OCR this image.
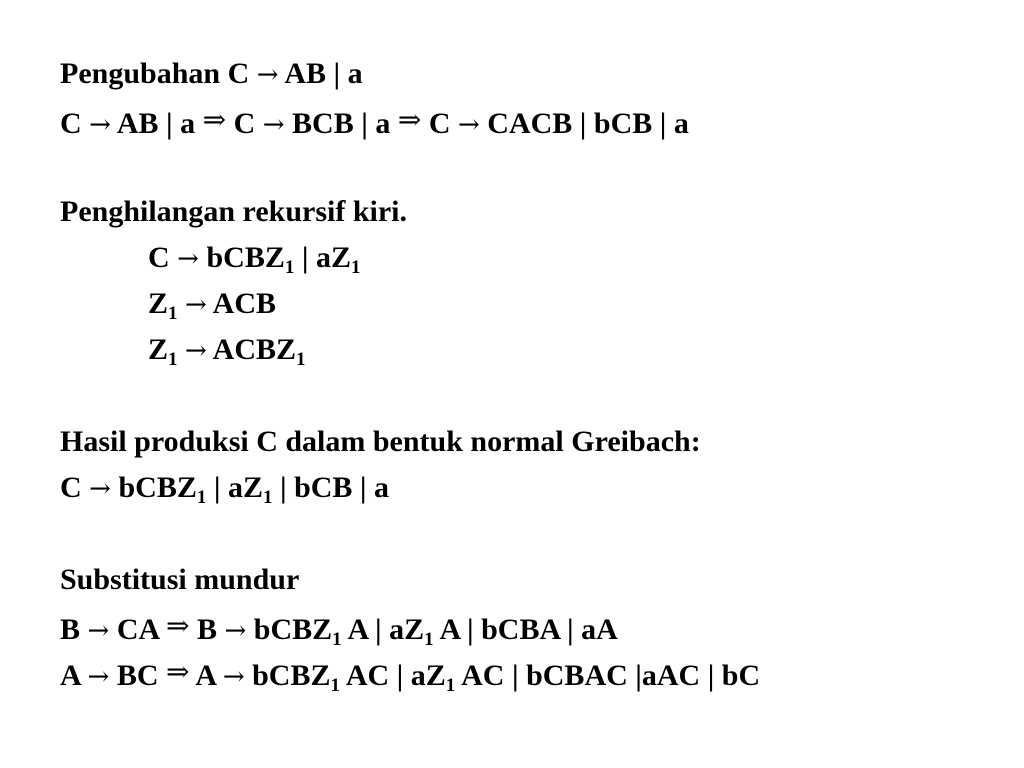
Pengubahan C → AB | a
C → AB | a ⇒ C → BCB | a ⇒ C → CACB | bCB | a
Penghilangan rekursif kiri.
C → bCBZ$_1$ | $aZ_1$
$Z_1$ → ACB
$Z_1$ → $ACBZ_1$
Hasil produksi C dalam bentuk normal Greibach:
C → bCBZ$_1$ | $aZ_1$ | bCB | a
Substitusi mundur
B → CA ⇒ B → bCBZ$_1$ A | $aZ_1$ A | bCBA | aA
A → BC ⇒ A → bCBZ$_1$ AC | $aZ_1$ AC | bCBAC |aAC | bC
